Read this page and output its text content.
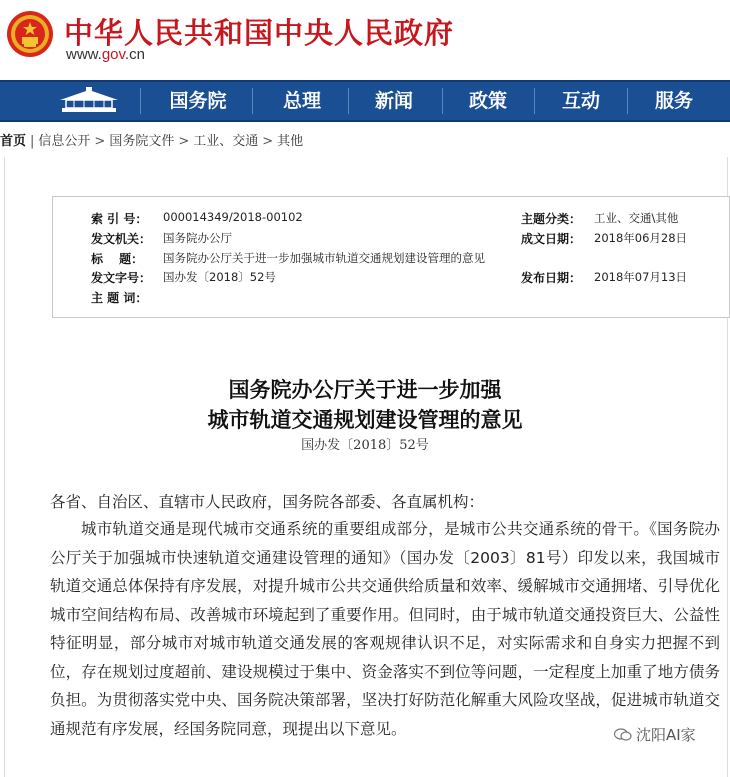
中华人民共和国中央人民政府
www.gov.cn
国务院	总理	新闻	政策	互动	服务
首页 | 信息公开 > 国务院文件 > 工业、交通 > 其他
索 引 号： 000014349/2018-00102	主题分类： 工业、交通\其他
发文机关： 国务院办公厅	成文日期： 2018年06月28日
标　 题： 国务院办公厅关于进一步加强城市轨道交通规划建设管理的意见
发文字号： 国办发〔2018〕52号	发布日期： 2018年07月13日
主 题 词：
国务院办公厅关于进一步加强
城市轨道交通规划建设管理的意见
国办发〔2018〕52号
各省、自治区、直辖市人民政府，国务院各部委、各直属机构：
城市轨道交通是现代城市交通系统的重要组成部分，是城市公共交通系统的骨干。《国务院办公厅关于加强城市快速轨道交通建设管理的通知》（国办发〔2003〕81号）印发以来，我国城市轨道交通总体保持有序发展，对提升城市公共交通供给质量和效率、缓解城市交通拥堵、引导优化城市空间结构布局、改善城市环境起到了重要作用。但同时，由于城市轨道交通投资巨大、公益性特征明显，部分城市对城市轨道交通发展的客观规律认识不足，对实际需求和自身实力把握不到位，存在规划过度超前、建设规模过于集中、资金落实不到位等问题，一定程度上加重了地方债务负担。为贯彻落实党中央、国务院决策部署，坚决打好防范化解重大风险攻坚战，促进城市轨道交通规范有序发展，经国务院同意，现提出以下意见。	沈阳AI家
